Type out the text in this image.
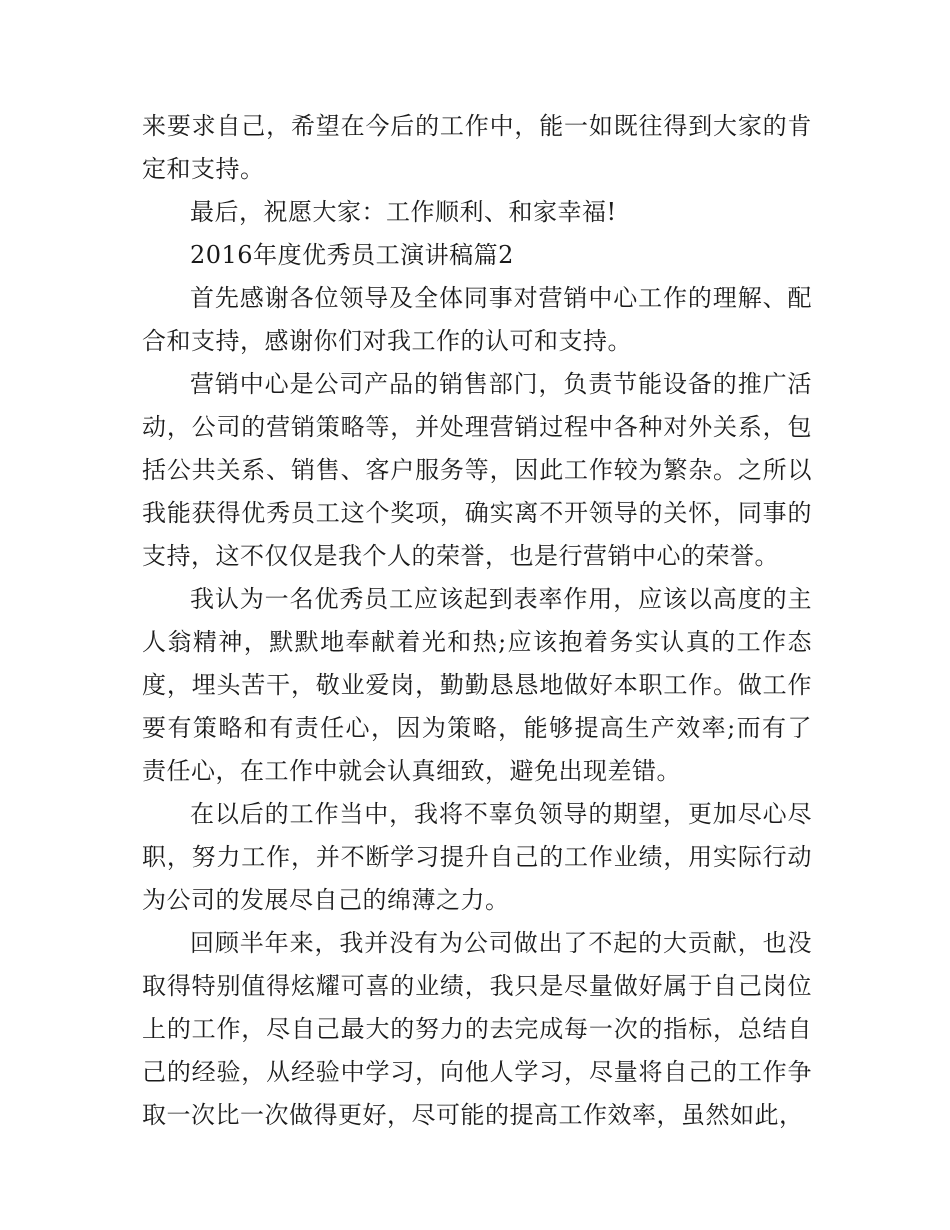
来要求自己，希望在今后的工作中，能一如既往得到大家的肯定和支持。

最后，祝愿大家：工作顺利、和家幸福!

2016年度优秀员工演讲稿篇2

首先感谢各位领导及全体同事对营销中心工作的理解、配合和支持，感谢你们对我工作的认可和支持。

营销中心是公司产品的销售部门，负责节能设备的推广活动，公司的营销策略等，并处理营销过程中各种对外关系，包括公共关系、销售、客户服务等，因此工作较为繁杂。之所以我能获得优秀员工这个奖项，确实离不开领导的关怀，同事的支持，这不仅仅是我个人的荣誉，也是行营销中心的荣誉。

我认为一名优秀员工应该起到表率作用，应该以高度的主人翁精神，默默地奉献着光和热;应该抱着务实认真的工作态度，埋头苦干，敬业爱岗，勤勤恳恳地做好本职工作。做工作要有策略和有责任心，因为策略，能够提高生产效率;而有了责任心，在工作中就会认真细致，避免出现差错。

在以后的工作当中，我将不辜负领导的期望，更加尽心尽职，努力工作，并不断学习提升自己的工作业绩，用实际行动为公司的发展尽自己的绵薄之力。

回顾半年来，我并没有为公司做出了不起的大贡献，也没取得特别值得炫耀可喜的业绩，我只是尽量做好属于自己岗位上的工作，尽自己最大的努力的去完成每一次的指标，总结自己的经验，从经验中学习，向他人学习，尽量将自己的工作争取一次比一次做得更好，尽可能的提高工作效率，虽然如此，
